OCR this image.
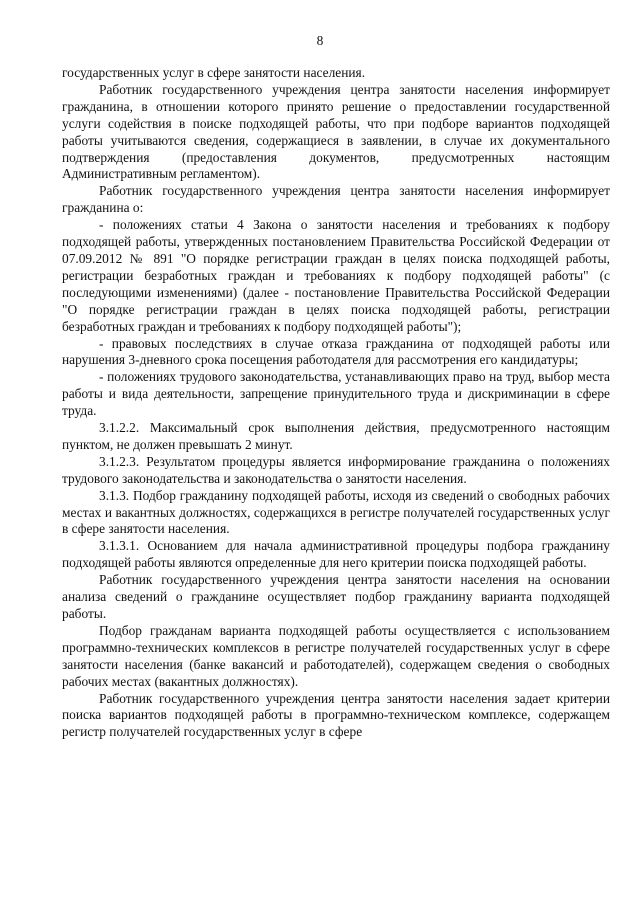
8

государственных услуг в сфере занятости населения.

Работник государственного учреждения центра занятости населения информирует гражданина, в отношении которого принято решение о предоставлении государственной услуги содействия в поиске подходящей работы, что при подборе вариантов подходящей работы учитываются сведения, содержащиеся в заявлении, в случае их документального подтверждения (предоставления документов, предусмотренных настоящим Административным регламентом).

Работник государственного учреждения центра занятости населения информирует гражданина о:

- положениях статьи 4 Закона о занятости населения и требованиях к подбору подходящей работы, утвержденных постановлением Правительства Российской Федерации от 07.09.2012 № 891 "О порядке регистрации граждан в целях поиска подходящей работы, регистрации безработных граждан и требованиях к подбору подходящей работы" (с последующими изменениями) (далее - постановление Правительства Российской Федерации "О порядке регистрации граждан в целях поиска подходящей работы, регистрации безработных граждан и требованиях к подбору подходящей работы");

- правовых последствиях в случае отказа гражданина от подходящей работы или нарушения 3-дневного срока посещения работодателя для рассмотрения его кандидатуры;

- положениях трудового законодательства, устанавливающих право на труд, выбор места работы и вида деятельности, запрещение принудительного труда и дискриминации в сфере труда.

3.1.2.2. Максимальный срок выполнения действия, предусмотренного настоящим пунктом, не должен превышать 2 минут.

3.1.2.3. Результатом процедуры является информирование гражданина о положениях трудового законодательства и законодательства о занятости населения.

3.1.3. Подбор гражданину подходящей работы, исходя из сведений о свободных рабочих местах и вакантных должностях, содержащихся в регистре получателей государственных услуг в сфере занятости населения.

3.1.3.1. Основанием для начала административной процедуры подбора гражданину подходящей работы являются определенные для него критерии поиска подходящей работы.

Работник государственного учреждения центра занятости населения на основании анализа сведений о гражданине осуществляет подбор гражданину варианта подходящей работы.

Подбор гражданам варианта подходящей работы осуществляется с использованием программно-технических комплексов в регистре получателей государственных услуг в сфере занятости населения (банке вакансий и работодателей), содержащем сведения о свободных рабочих местах (вакантных должностях).

Работник государственного учреждения центра занятости населения задает критерии поиска вариантов подходящей работы в программно-техническом комплексе, содержащем регистр получателей государственных услуг в сфере
